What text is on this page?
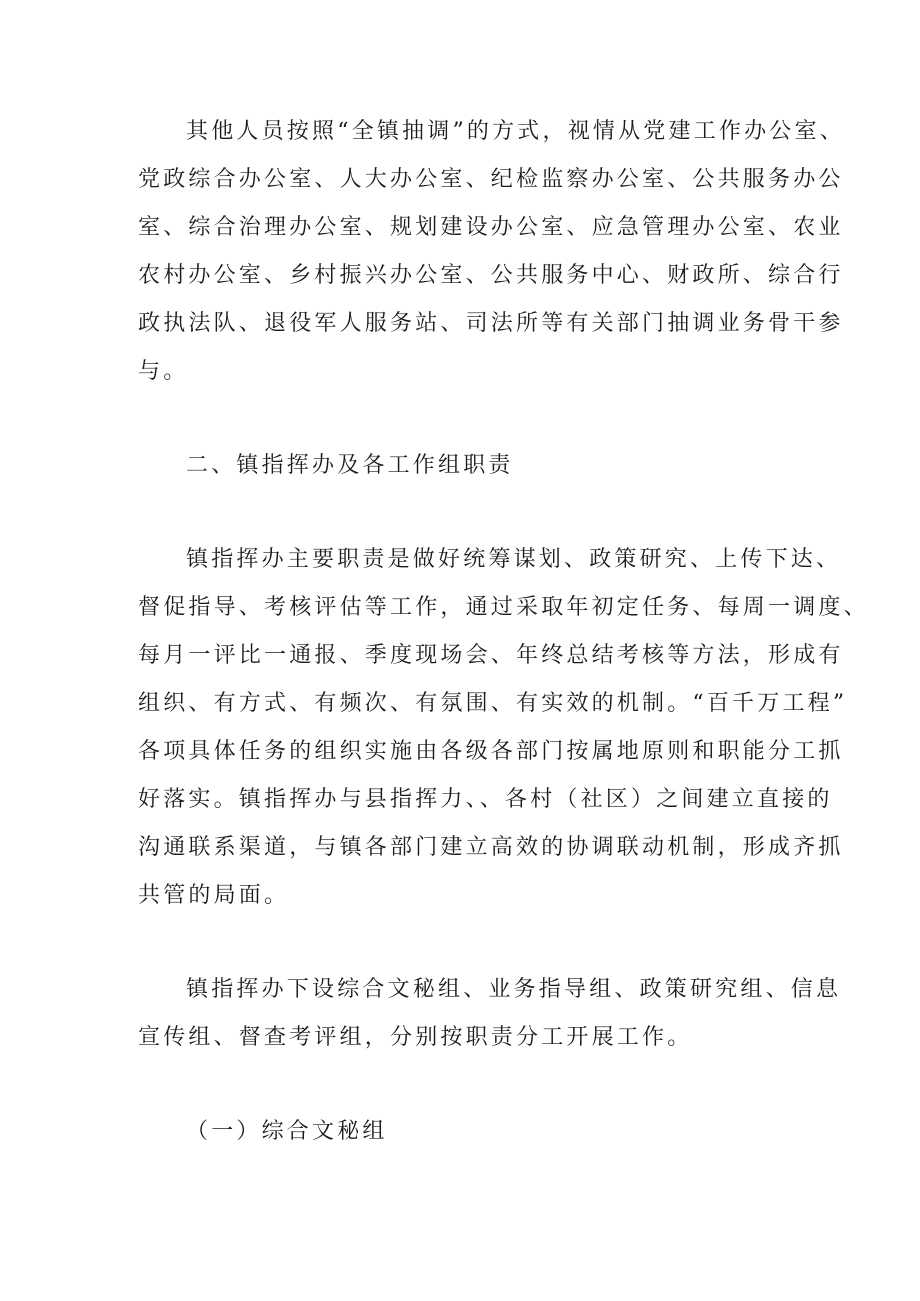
其他人员按照“全镇抽调”的方式，视情从党建工作办公室、
党政综合办公室、人大办公室、纪检监察办公室、公共服务办公
室、综合治理办公室、规划建设办公室、应急管理办公室、农业
农村办公室、乡村振兴办公室、公共服务中心、财政所、综合行
政执法队、退役军人服务站、司法所等有关部门抽调业务骨干参
与。
二、镇指挥办及各工作组职责
镇指挥办主要职责是做好统筹谋划、政策研究、上传下达、
督促指导、考核评估等工作，通过采取年初定任务、每周一调度、
每月一评比一通报、季度现场会、年终总结考核等方法，形成有
组织、有方式、有频次、有氛围、有实效的机制。“百千万工程”
各项具体任务的组织实施由各级各部门按属地原则和职能分工抓
好落实。镇指挥办与县指挥力、、各村（社区）之间建立直接的
沟通联系渠道，与镇各部门建立高效的协调联动机制，形成齐抓
共管的局面。
镇指挥办下设综合文秘组、业务指导组、政策研究组、信息
宣传组、督查考评组，分别按职责分工开展工作。
（一）综合文秘组
